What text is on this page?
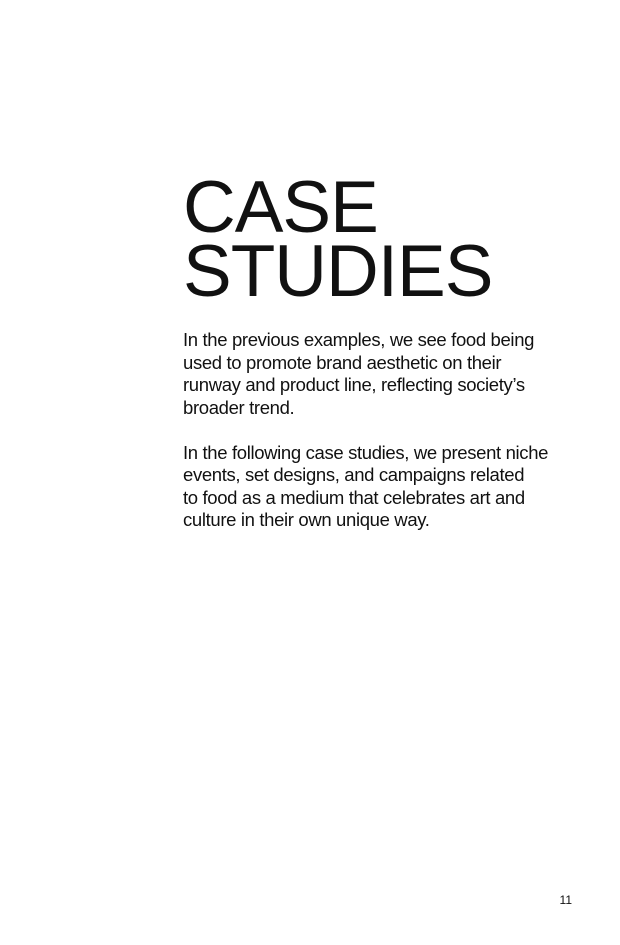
CASE
STUDIES

In the previous examples, we see food being
used to promote brand aesthetic on their
runway and product line, reflecting society’s
broader trend.

In the following case studies, we present niche
events, set designs, and campaigns related
to food as a medium that celebrates art and
culture in their own unique way.

11
